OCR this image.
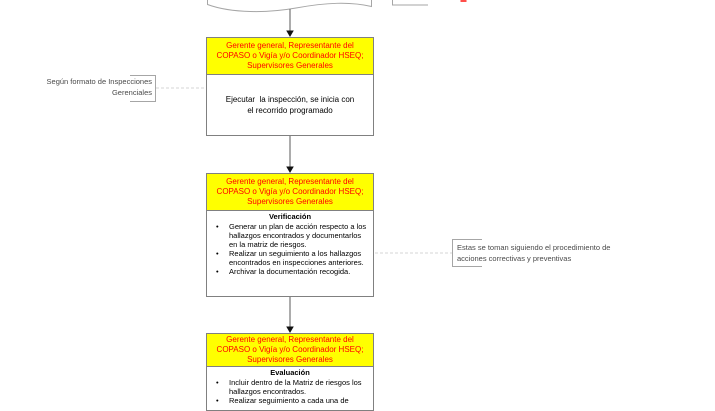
Según formato de Inspecciones
Gerenciales
Estas se toman siguiendo el procedimiento de
acciones correctivas y preventivas
Gerente general, Representante del
COPASO o Vigía y/o Coordinador HSEQ;
Supervisores Generales
Ejecutar  la inspección, se inicia con
el recorrido programado
Gerente general, Representante del
COPASO o Vigía y/o Coordinador HSEQ;
Supervisores Generales
Verificación
•	Generar un plan de acción respecto a los hallazgos encontrados y documentarlos en la matriz de riesgos.
•	Realizar un seguimiento a los hallazgos encontrados en inspecciones anteriores.
•	Archivar la documentación recogida.
Gerente general, Representante del
COPASO o Vigía y/o Coordinador HSEQ;
Supervisores Generales
Evaluación
•	Incluir dentro de la Matriz de riesgos los hallazgos encontrados.
•	Realizar seguimiento a cada una de
